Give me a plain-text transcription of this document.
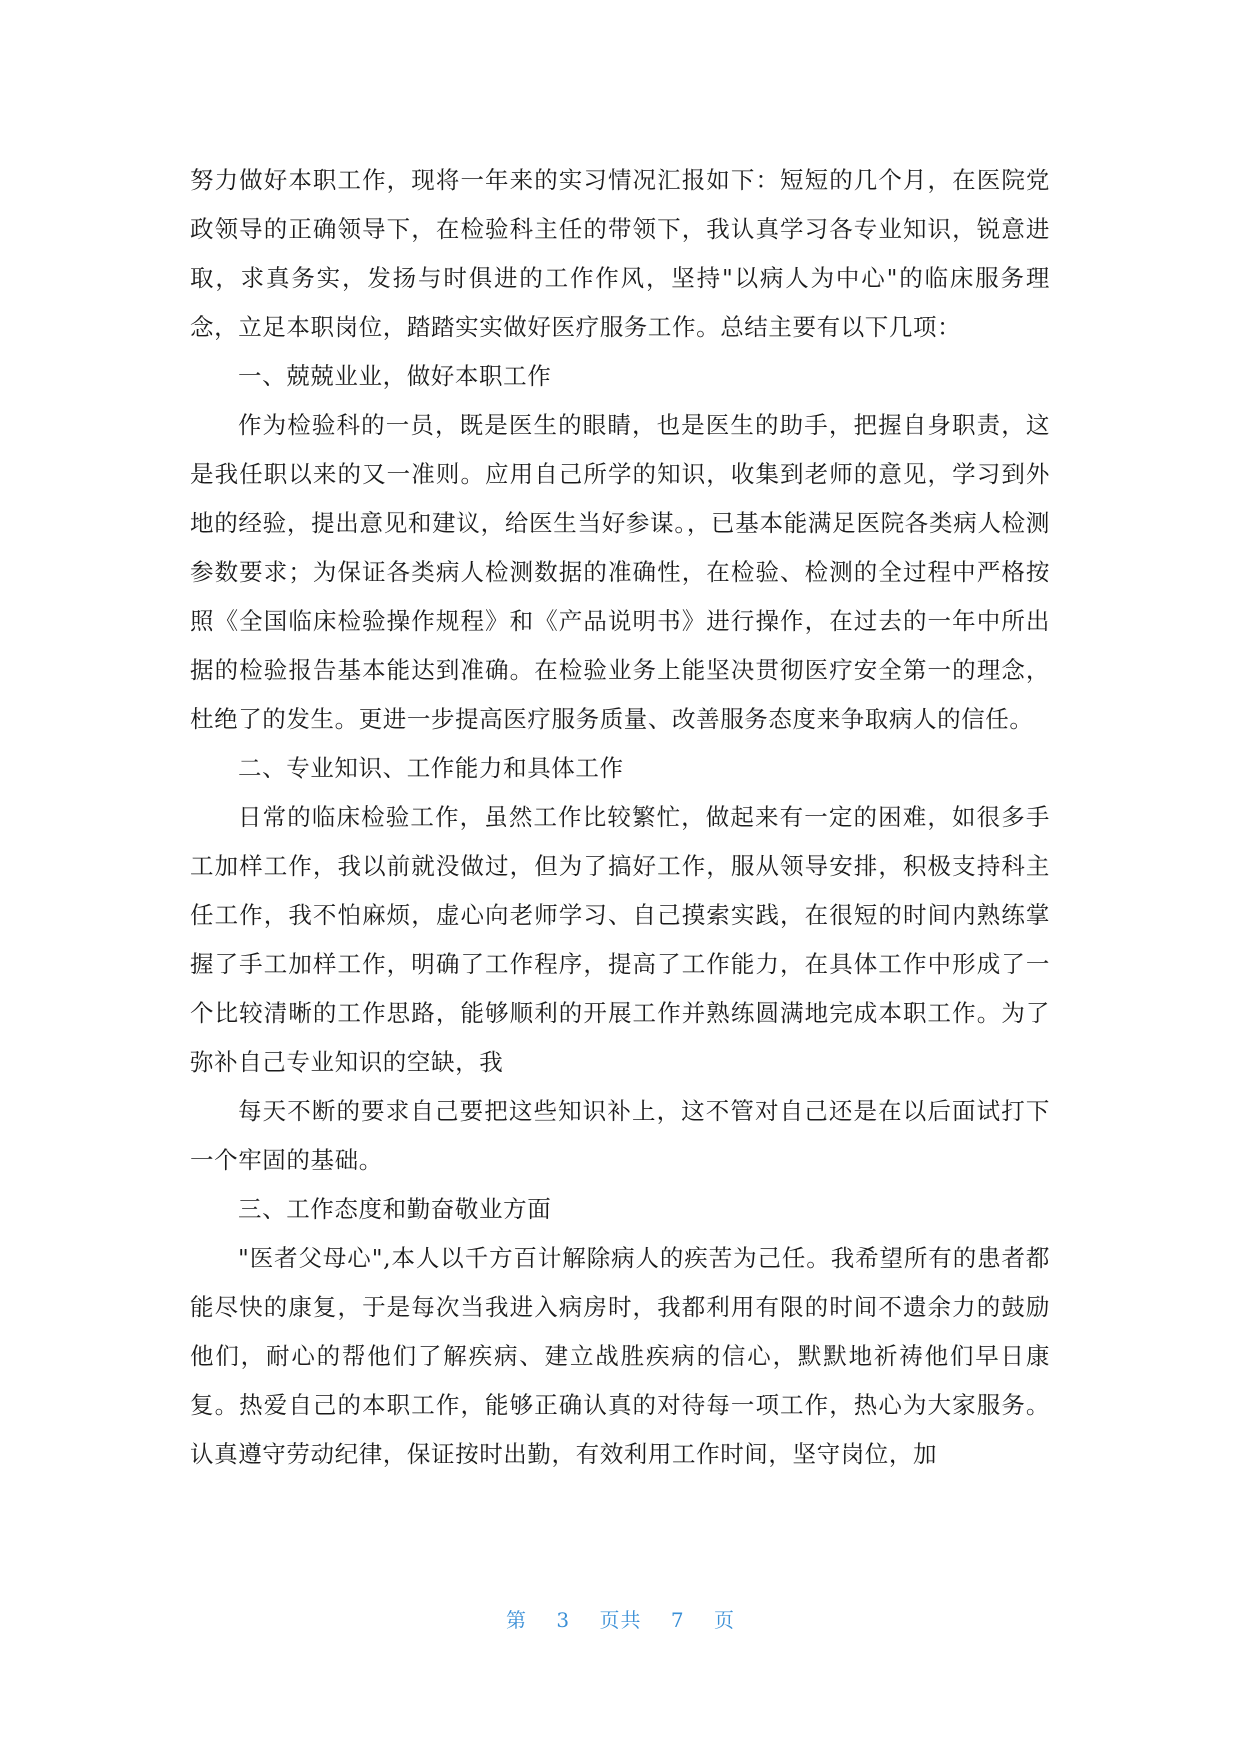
努力做好本职工作，现将一年来的实习情况汇报如下：短短的几个月，在医院党政领导的正确领导下，在检验科主任的带领下，我认真学习各专业知识，锐意进取，求真务实，发扬与时俱进的工作作风，坚持"以病人为中心"的临床服务理念，立足本职岗位，踏踏实实做好医疗服务工作。总结主要有以下几项：

一、兢兢业业，做好本职工作

作为检验科的一员，既是医生的眼睛，也是医生的助手，把握自身职责，这是我任职以来的又一准则。应用自己所学的知识，收集到老师的意见，学习到外地的经验，提出意见和建议，给医生当好参谋。，已基本能满足医院各类病人检测参数要求；为保证各类病人检测数据的准确性，在检验、检测的全过程中严格按照《全国临床检验操作规程》和《产品说明书》进行操作，在过去的一年中所出据的检验报告基本能达到准确。在检验业务上能坚决贯彻医疗安全第一的理念，杜绝了的发生。更进一步提高医疗服务质量、改善服务态度来争取病人的信任。

二、专业知识、工作能力和具体工作

日常的临床检验工作，虽然工作比较繁忙，做起来有一定的困难，如很多手工加样工作，我以前就没做过，但为了搞好工作，服从领导安排，积极支持科主任工作，我不怕麻烦，虚心向老师学习、自己摸索实践，在很短的时间内熟练掌握了手工加样工作，明确了工作程序，提高了工作能力，在具体工作中形成了一个比较清晰的工作思路，能够顺利的开展工作并熟练圆满地完成本职工作。为了弥补自己专业知识的空缺，我

每天不断的要求自己要把这些知识补上，这不管对自己还是在以后面试打下一个牢固的基础。

三、工作态度和勤奋敬业方面

"医者父母心",本人以千方百计解除病人的疾苦为己任。我希望所有的患者都能尽快的康复，于是每次当我进入病房时，我都利用有限的时间不遗余力的鼓励他们，耐心的帮他们了解疾病、建立战胜疾病的信心，默默地祈祷他们早日康复。热爱自己的本职工作，能够正确认真的对待每一项工作，热心为大家服务。认真遵守劳动纪律，保证按时出勤，有效利用工作时间，坚守岗位，加

第 3 页共 7 页
